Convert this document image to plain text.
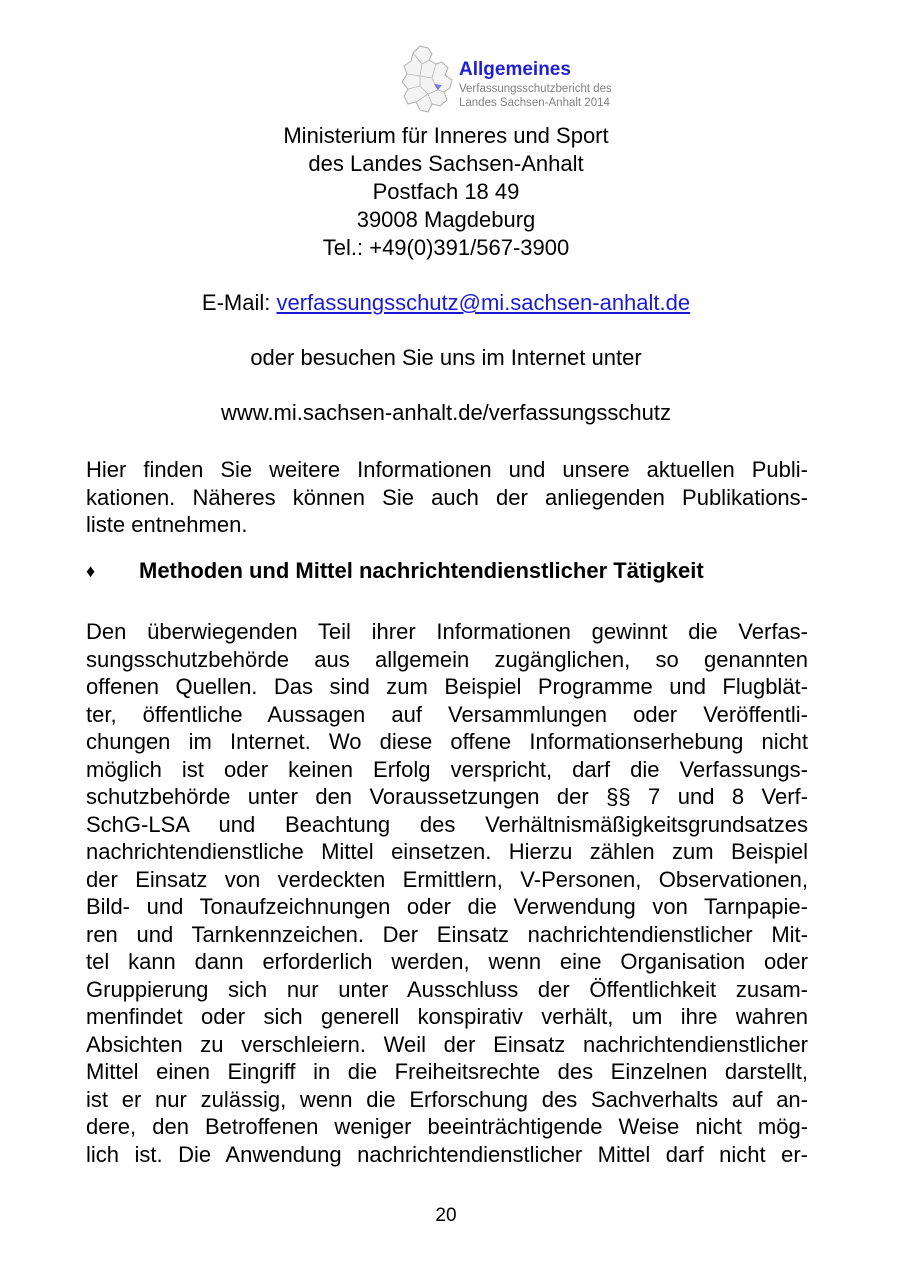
Allgemeines
Verfassungsschutzbericht des
Landes Sachsen-Anhalt 2014
Ministerium für Inneres und Sport
des Landes Sachsen-Anhalt
Postfach 18 49
39008 Magdeburg
Tel.: +49(0)391/567-3900
E-Mail: verfassungsschutz@mi.sachsen-anhalt.de
oder besuchen Sie uns im Internet unter
www.mi.sachsen-anhalt.de/verfassungsschutz
Hier finden Sie weitere Informationen und unsere aktuellen Publi-
kationen. Näheres können Sie auch der anliegenden Publikations-
liste entnehmen.
♦ Methoden und Mittel nachrichtendienstlicher Tätigkeit
Den überwiegenden Teil ihrer Informationen gewinnt die Verfas-
sungsschutzbehörde aus allgemein zugänglichen, so genannten
offenen Quellen. Das sind zum Beispiel Programme und Flugblät-
ter, öffentliche Aussagen auf Versammlungen oder Veröffentli-
chungen im Internet. Wo diese offene Informationserhebung nicht
möglich ist oder keinen Erfolg verspricht, darf die Verfassungs-
schutzbehörde unter den Voraussetzungen der §§ 7 und 8 Verf-
SchG-LSA und Beachtung des Verhältnismäßigkeitsgrundsatzes
nachrichtendienstliche Mittel einsetzen. Hierzu zählen zum Beispiel
der Einsatz von verdeckten Ermittlern, V-Personen, Observationen,
Bild- und Tonaufzeichnungen oder die Verwendung von Tarnpapie-
ren und Tarnkennzeichen. Der Einsatz nachrichtendienstlicher Mit-
tel kann dann erforderlich werden, wenn eine Organisation oder
Gruppierung sich nur unter Ausschluss der Öffentlichkeit zusam-
menfindet oder sich generell konspirativ verhält, um ihre wahren
Absichten zu verschleiern. Weil der Einsatz nachrichtendienstlicher
Mittel einen Eingriff in die Freiheitsrechte des Einzelnen darstellt,
ist er nur zulässig, wenn die Erforschung des Sachverhalts auf an-
dere, den Betroffenen weniger beeinträchtigende Weise nicht mög-
lich ist. Die Anwendung nachrichtendienstlicher Mittel darf nicht er-
20
